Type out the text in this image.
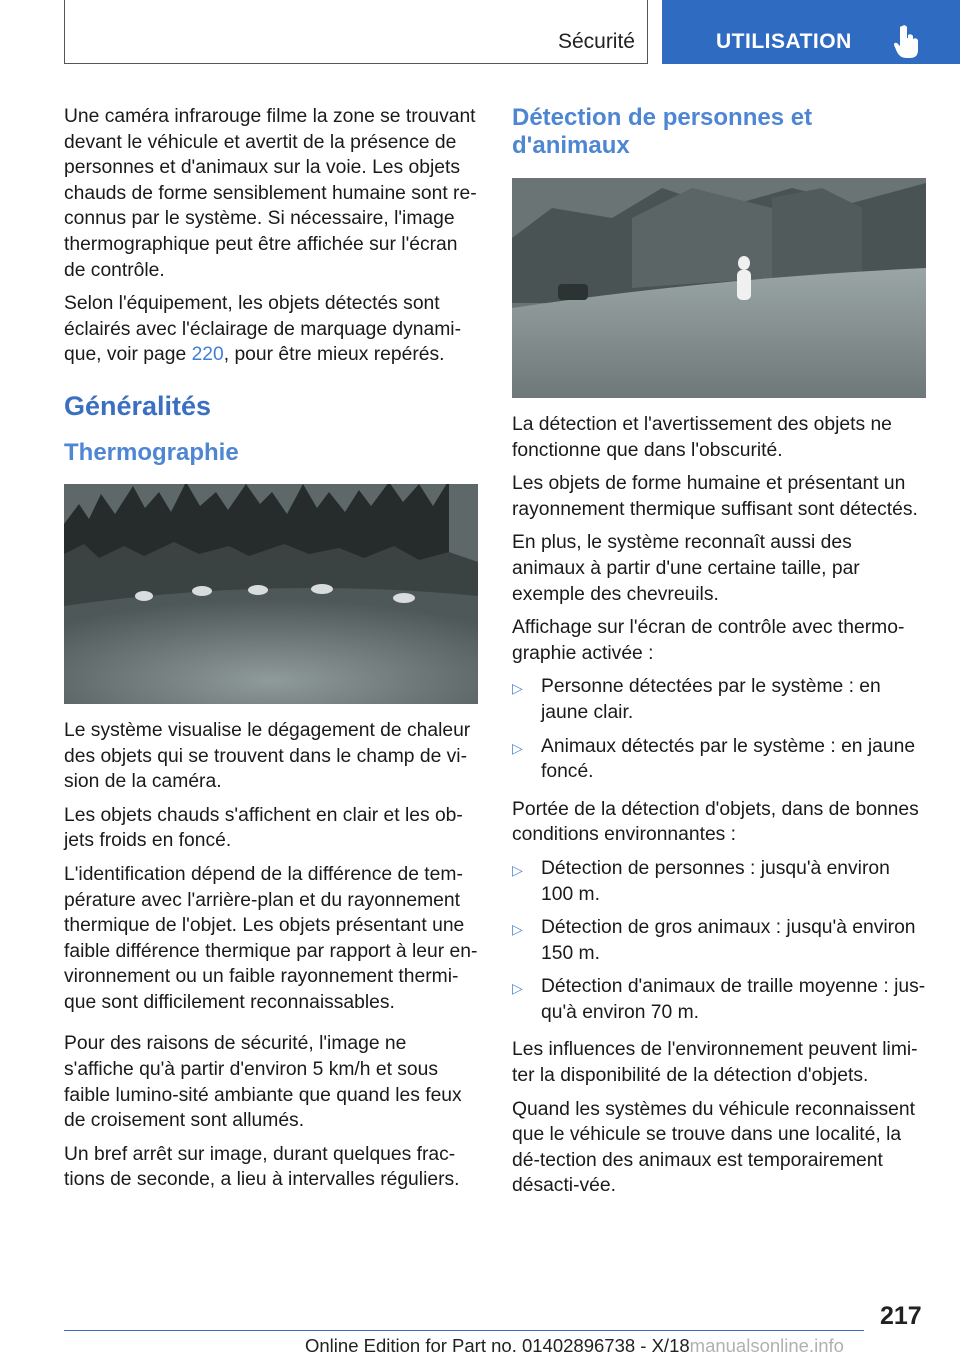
Sécurité	UTILISATION

Une caméra infrarouge filme la zone se trouvant devant le véhicule et avertit de la présence de personnes et d'animaux sur la voie. Les objets chauds de forme sensiblement humaine sont re-connus par le système. Si nécessaire, l'image thermographique peut être affichée sur l'écran de contrôle.

Selon l'équipement, les objets détectés sont éclairés avec l'éclairage de marquage dynami-que, voir page 220, pour être mieux repérés.

Généralités
Thermographie

Le système visualise le dégagement de chaleur des objets qui se trouvent dans le champ de vi-sion de la caméra.

Les objets chauds s'affichent en clair et les ob-jets froids en foncé.

L'identification dépend de la différence de tem-pérature avec l'arrière-plan et du rayonnement thermique de l'objet. Les objets présentant une faible différence thermique par rapport à leur en-vironnement ou un faible rayonnement thermi-que sont difficilement reconnaissables.

Pour des raisons de sécurité, l'image ne s'affiche qu'à partir d'environ 5 km/h et sous faible lumino-sité ambiante que quand les feux de croisement sont allumés.

Un bref arrêt sur image, durant quelques frac-tions de seconde, a lieu à intervalles réguliers.

Détection de personnes et d'animaux

La détection et l'avertissement des objets ne fonctionne que dans l'obscurité.

Les objets de forme humaine et présentant un rayonnement thermique suffisant sont détectés.

En plus, le système reconnaît aussi des animaux à partir d'une certaine taille, par exemple des chevreuils.

Affichage sur l'écran de contrôle avec thermo-graphie activée :

▷ Personne détectées par le système : en jaune clair.
▷ Animaux détectés par le système : en jaune foncé.

Portée de la détection d'objets, dans de bonnes conditions environnantes :

▷ Détection de personnes : jusqu'à environ 100 m.
▷ Détection de gros animaux : jusqu'à environ 150 m.
▷ Détection d'animaux de traille moyenne : jus-qu'à environ 70 m.

Les influences de l'environnement peuvent limi-ter la disponibilité de la détection d'objets.

Quand les systèmes du véhicule reconnaissent que le véhicule se trouve dans une localité, la dé-tection des animaux est temporairement désacti-vée.

217
Online Edition for Part no. 01402896738 - X/18manualsonline.info
